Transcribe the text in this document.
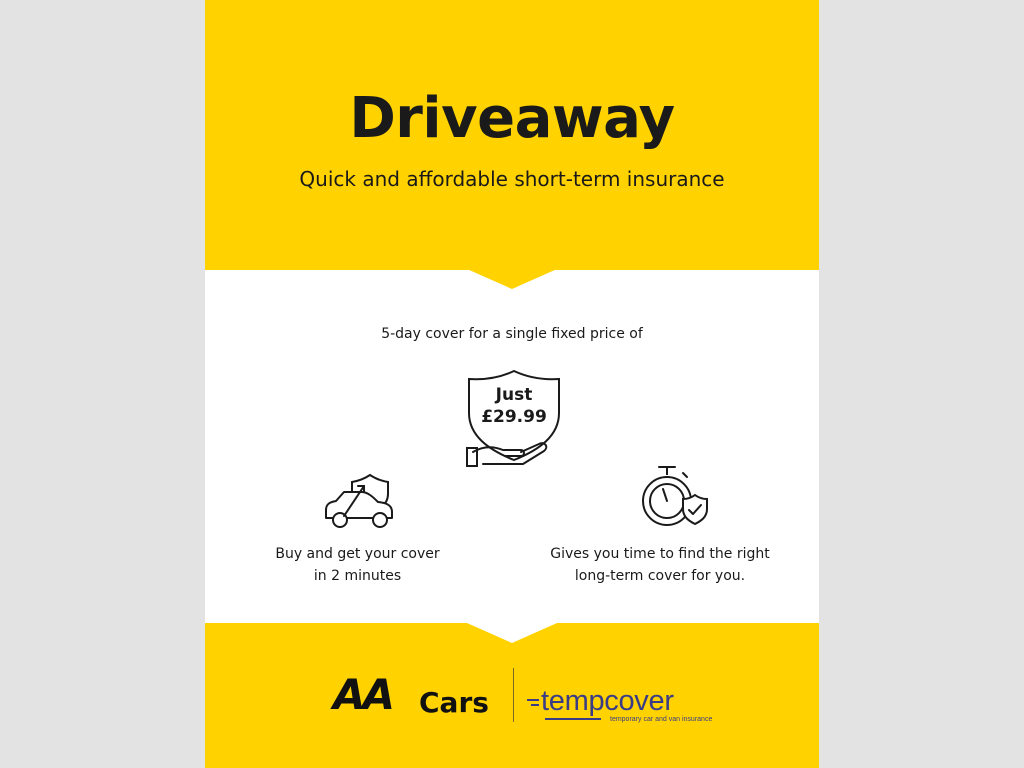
Driveaway
Quick and affordable short-term insurance
5-day cover for a single fixed price of
Just
£29.99
Buy and get your cover
in 2 minutes
Gives you time to find the right
long-term cover for you.
AA Cars tempcover
temporary car and van insurance
